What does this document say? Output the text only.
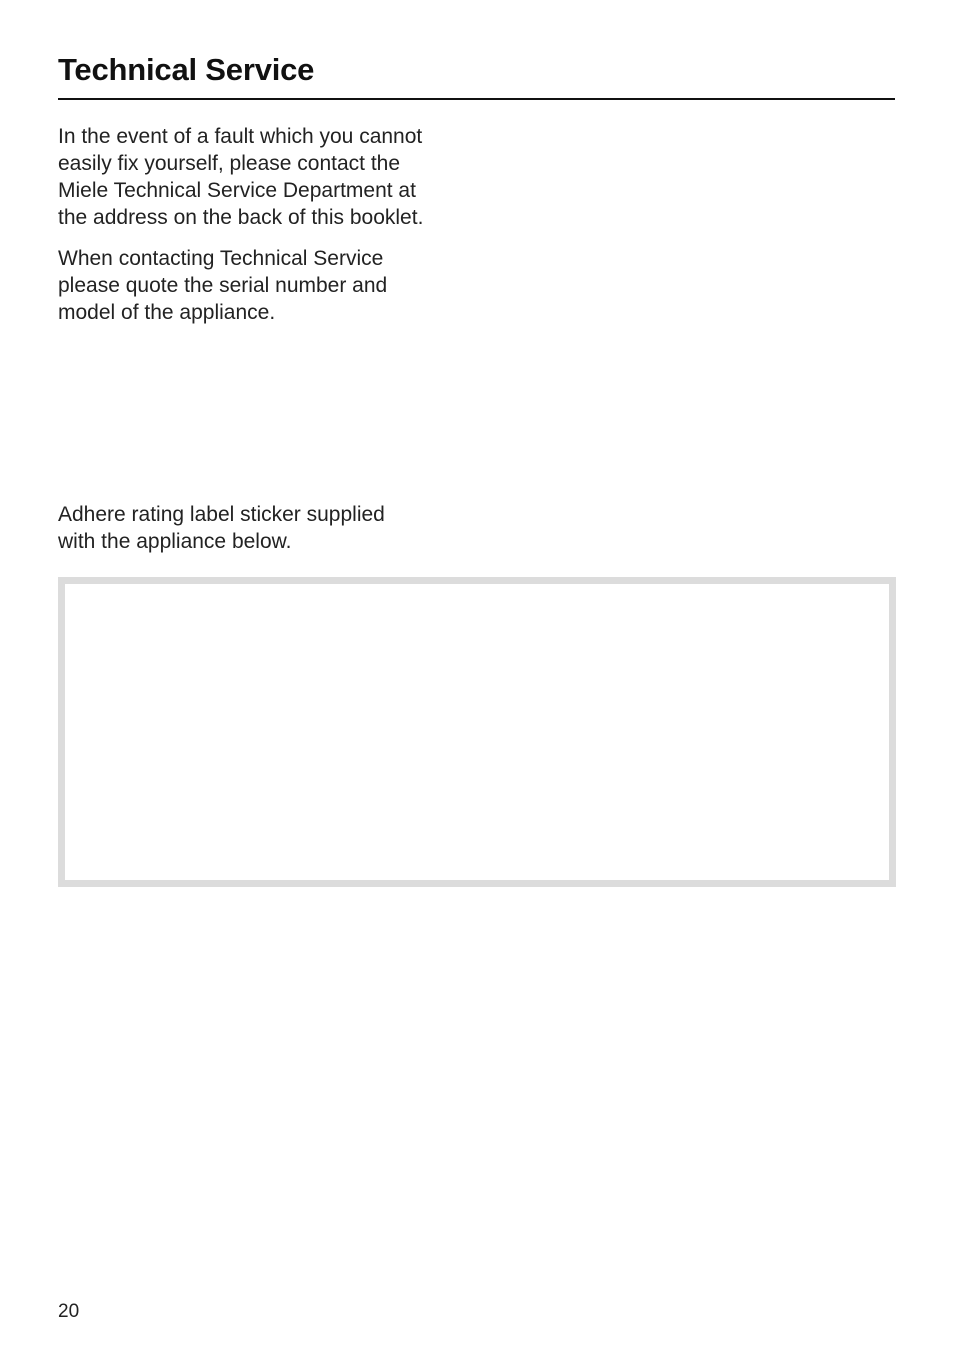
Technical Service

In the event of a fault which you cannot
easily fix yourself, please contact the
Miele Technical Service Department at
the address on the back of this booklet.

When contacting Technical Service
please quote the serial number and
model of the appliance.

Adhere rating label sticker supplied
with the appliance below.

20
